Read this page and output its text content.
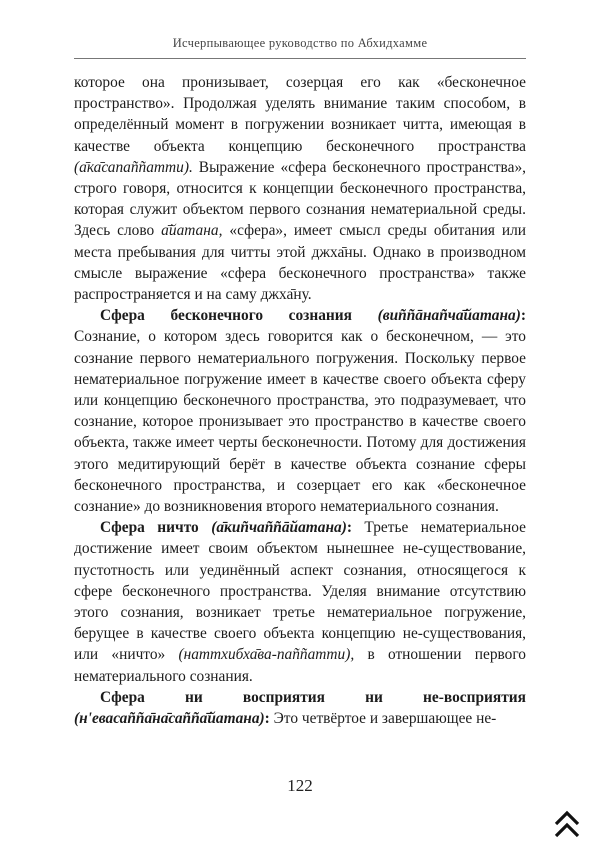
Исчерпывающее руководство по Абхидхамме

которое она пронизывает, созерцая его как «бесконечное пространство». Продолжая уделять внимание таким способом, в определённый момент в погружении возникает читта, имеющая в качестве объекта концепцию бесконечного пространства (а̄ка̄сапаññатти). Выражение «сфера бесконечного пространства», строго говоря, относится к концепции бесконечного пространства, которая служит объектом первого сознания нематериальной среды. Здесь слово а̄йатана, «сфера», имеет смысл среды обитания или места пребывания для читты этой джха̄ны. Однако в производном смысле выражение «сфера бесконечного пространства» также распространяется и на саму джха̄ну.

Сфера бесконечного сознания (виññāнañча̄йатана): Сознание, о котором здесь говорится как о бесконечном, — это сознание первого нематериального погружения. Поскольку первое нематериальное погружение имеет в качестве своего объекта сферу или концепцию бесконечного пространства, это подразумевает, что сознание, которое пронизывает это пространство в качестве своего объекта, также имеет черты бесконечности. Потому для достижения этого медитирующий берёт в качестве объекта сознание сферы бесконечного пространства, и созерцает его как «бесконечное сознание» до возникновения второго нематериального сознания.

Сфера ничто (а̄киñчаññāйатана): Третье нематериальное достижение имеет своим объектом нынешнее не-существование, пустотность или уединённый аспект сознания, относящегося к сфере бесконечного пространства. Уделяя внимание отсутствию этого сознания, возникает третье нематериальное погружение, берущее в качестве своего объекта концепцию не-существования, или «ничто» (наттхибха̄ва-паññатти), в отношении первого нематериального сознания.

Сфера ни восприятия ни не-восприятия (н'евасаññа̄на̄саññа̄йатана): Это четвёртое и завершающее не-

122
